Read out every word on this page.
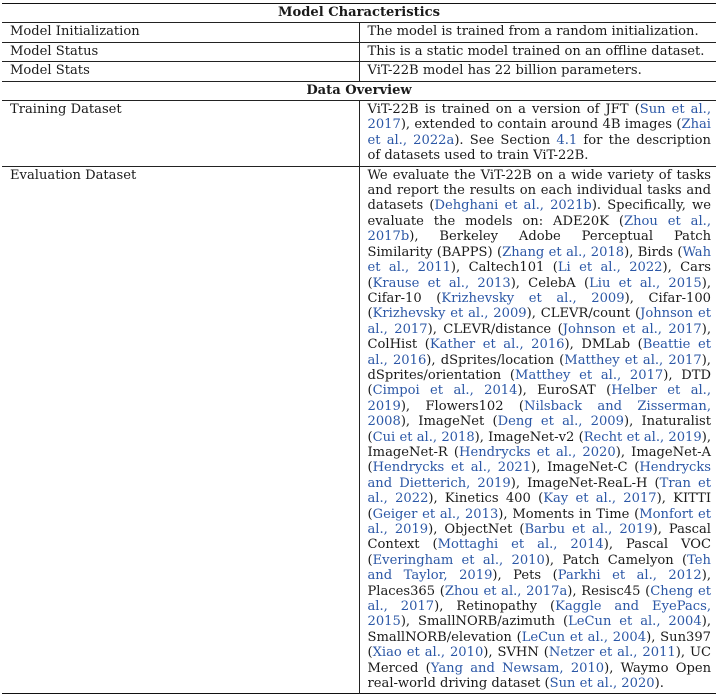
Model Characteristics	
Model Initialization	The model is trained from a random initialization.
Model Status	This is a static model trained on an offline dataset.
Model Stats	ViT-22B model has 22 billion parameters.
Data Overview	
Training Dataset	ViT-22B is trained on a version of JFT (Sun et al., 2017), extended to contain around 4B images (Zhai et al., 2022a). See Section 4.1 for the description of datasets used to train ViT-22B.
Evaluation Dataset	We evaluate the ViT-22B on a wide variety of tasks and report the results on each individual tasks and datasets (Dehghani et al., 2021b). Specifically, we evaluate the models on: ADE20K (Zhou et al., 2017b), Berkeley Adobe Perceptual Patch Similarity (BAPPS) (Zhang et al., 2018), Birds (Wah et al., 2011), Caltech101 (Li et al., 2022), Cars (Krause et al., 2013), CelebA (Liu et al., 2015), Cifar-10 (Krizhevsky et al., 2009), Cifar-100 (Krizhevsky et al., 2009), CLEVR/count (Johnson et al., 2017), CLEVR/distance (Johnson et al., 2017), ColHist (Kather et al., 2016), DMLab (Beattie et al., 2016), dSprites/location (Matthey et al., 2017), dSprites/orientation (Matthey et al., 2017), DTD (Cimpoi et al., 2014), EuroSAT (Helber et al., 2019), Flowers102 (Nilsback and Zisserman, 2008), ImageNet (Deng et al., 2009), Inaturalist (Cui et al., 2018), ImageNet-v2 (Recht et al., 2019), ImageNet-R (Hendrycks et al., 2020), ImageNet-A (Hendrycks et al., 2021), ImageNet-C (Hendrycks and Dietterich, 2019), ImageNet-ReaL-H (Tran et al., 2022), Kinetics 400 (Kay et al., 2017), KITTI (Geiger et al., 2013), Moments in Time (Monfort et al., 2019), ObjectNet (Barbu et al., 2019), Pascal Context (Mottaghi et al., 2014), Pascal VOC (Everingham et al., 2010), Patch Camelyon (Teh and Taylor, 2019), Pets (Parkhi et al., 2012), Places365 (Zhou et al., 2017a), Resisc45 (Cheng et al., 2017), Retinopathy (Kaggle and EyePacs, 2015), SmallNORB/azimuth (LeCun et al., 2004), SmallNORB/elevation (LeCun et al., 2004), Sun397 (Xiao et al., 2010), SVHN (Netzer et al., 2011), UC Merced (Yang and Newsam, 2010), Waymo Open real-world driving dataset (Sun et al., 2020).
